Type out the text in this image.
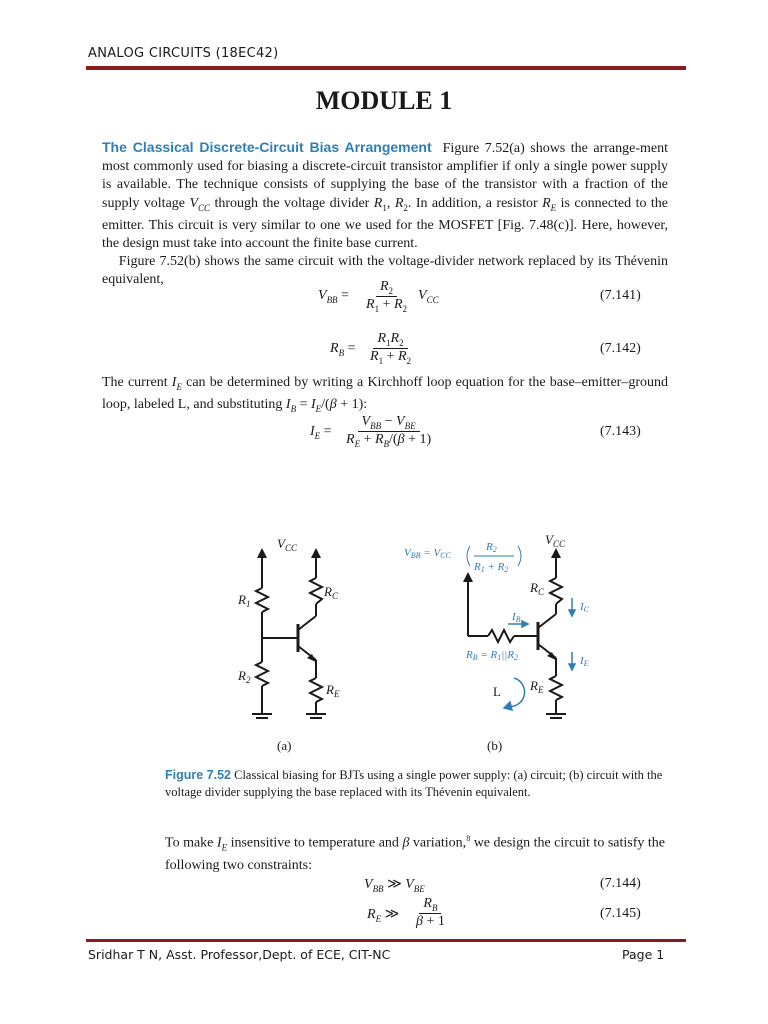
ANALOG CIRCUITS (18EC42)
MODULE 1
The Classical Discrete-Circuit Bias Arrangement  Figure 7.52(a) shows the arrange-ment most commonly used for biasing a discrete-circuit transistor amplifier if only a single power supply is available. The technique consists of supplying the base of the transistor with a fraction of the supply voltage $V_{CC}$ through the voltage divider $R_1$, $R_2$. In addition, a resistor $R_E$ is connected to the emitter. This circuit is very similar to one we used for the MOSFET [Fig. 7.48(c)]. Here, however, the design must take into account the finite base current.
Figure 7.52(b) shows the same circuit with the voltage-divider network replaced by its Thévenin equivalent,
$V_{BB} = \frac{R_2}{R_1 + R_2} V_{CC}$	(7.141)
$R_B = \frac{R_1R_2}{R_1 + R_2}$	(7.142)
The current $I_E$ can be determined by writing a Kirchhoff loop equation for the base–emitter–ground loop, labeled L, and substituting $I_B = I_E/(\beta + 1)$:
$I_E$ =
$V_{BB} - V_{BE}$
$R_E + R_B/(\beta + 1)$
(7.143)
$V_{CC}$
$R_1$
$R_C$
$R_2$
$R_E$
$V_{CC}$
$R_C$
$R_E$
VBB = VCC
R2
R1 + R2
IB
IC
IE
RB = R1||R2
L
(a)	(b)
Figure 7.52 Classical biasing for BJTs using a single power supply: (a) circuit; (b) circuit with the voltage divider supplying the base replaced with its Thévenin equivalent.
To make $I_E$ insensitive to temperature and β variation,$^8$ we design the circuit to satisfy the following two constraints:
$V_{BB}$ ≫ $V_{BE}$	(7.144)
$R_E$ ≫ $\frac{R_B}{\beta + 1}$	(7.145)
Sridhar T N, Asst. Professor,Dept. of ECE, CIT-NC	Page 1
